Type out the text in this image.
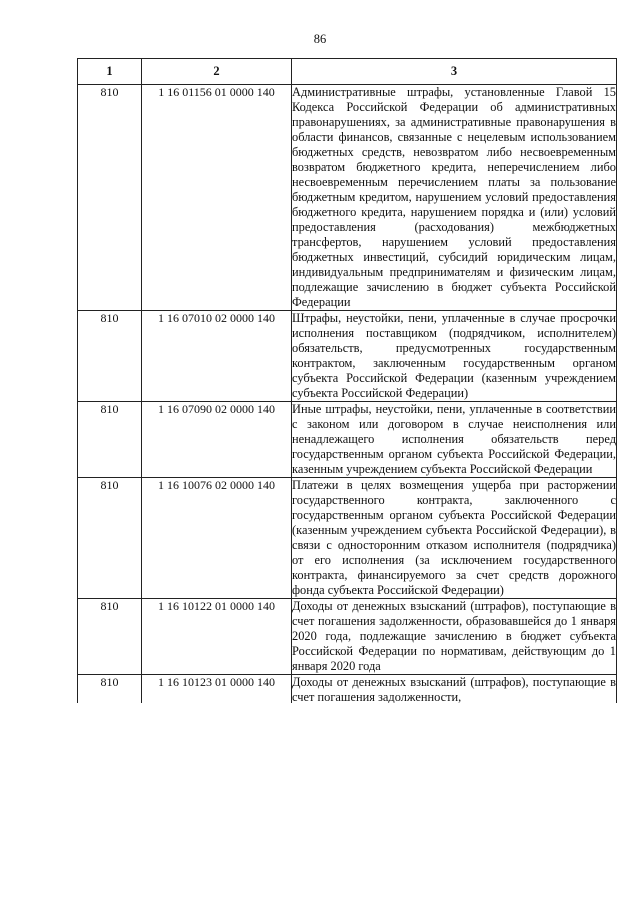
86
1	2	3
810	1 16 01156 01 0000 140	Административные штрафы, установленные Главой 15 Кодекса Российской Федерации об административных правонарушениях, за административные правонарушения в области финансов, связанные с нецелевым использованием бюджетных средств, невозвратом либо несвоевременным возвратом бюджетного кредита, неперечислением либо несвоевременным перечислением платы за пользование бюджетным кредитом, нарушением условий предоставления бюджетного кредита, нарушением порядка и (или) условий предоставления (расходования) межбюджетных трансфертов, нарушением условий предоставления бюджетных инвестиций, субсидий юридическим лицам, индивидуальным предпринимателям и физическим лицам, подлежащие зачислению в бюджет субъекта Российской Федерации
810	1 16 07010 02 0000 140	Штрафы, неустойки, пени, уплаченные в случае просрочки исполнения поставщиком (подрядчиком, исполнителем) обязательств, предусмотренных государственным контрактом, заключенным государственным органом субъекта Российской Федерации (казенным учреждением субъекта Российской Федерации)
810	1 16 07090 02 0000 140	Иные штрафы, неустойки, пени, уплаченные в соответствии с законом или договором в случае неисполнения или ненадлежащего исполнения обязательств перед государственным органом субъекта Российской Федерации, казенным учреждением субъекта Российской Федерации
810	1 16 10076 02 0000 140	Платежи в целях возмещения ущерба при расторжении государственного контракта, заключенного с государственным органом субъекта Российской Федерации (казенным учреждением субъекта Российской Федерации), в связи с односторонним отказом исполнителя (подрядчика) от его исполнения (за исключением государственного контракта, финансируемого за счет средств дорожного фонда субъекта Российской Федерации)
810	1 16 10122 01 0000 140	Доходы от денежных взысканий (штрафов), поступающие в счет погашения задолженности, образовавшейся до 1 января 2020 года, подлежащие зачислению в бюджет субъекта Российской Федерации по нормативам, действующим до 1 января 2020 года
810	1 16 10123 01 0000 140	Доходы от денежных взысканий (штрафов), поступающие в счет погашения задолженности,
